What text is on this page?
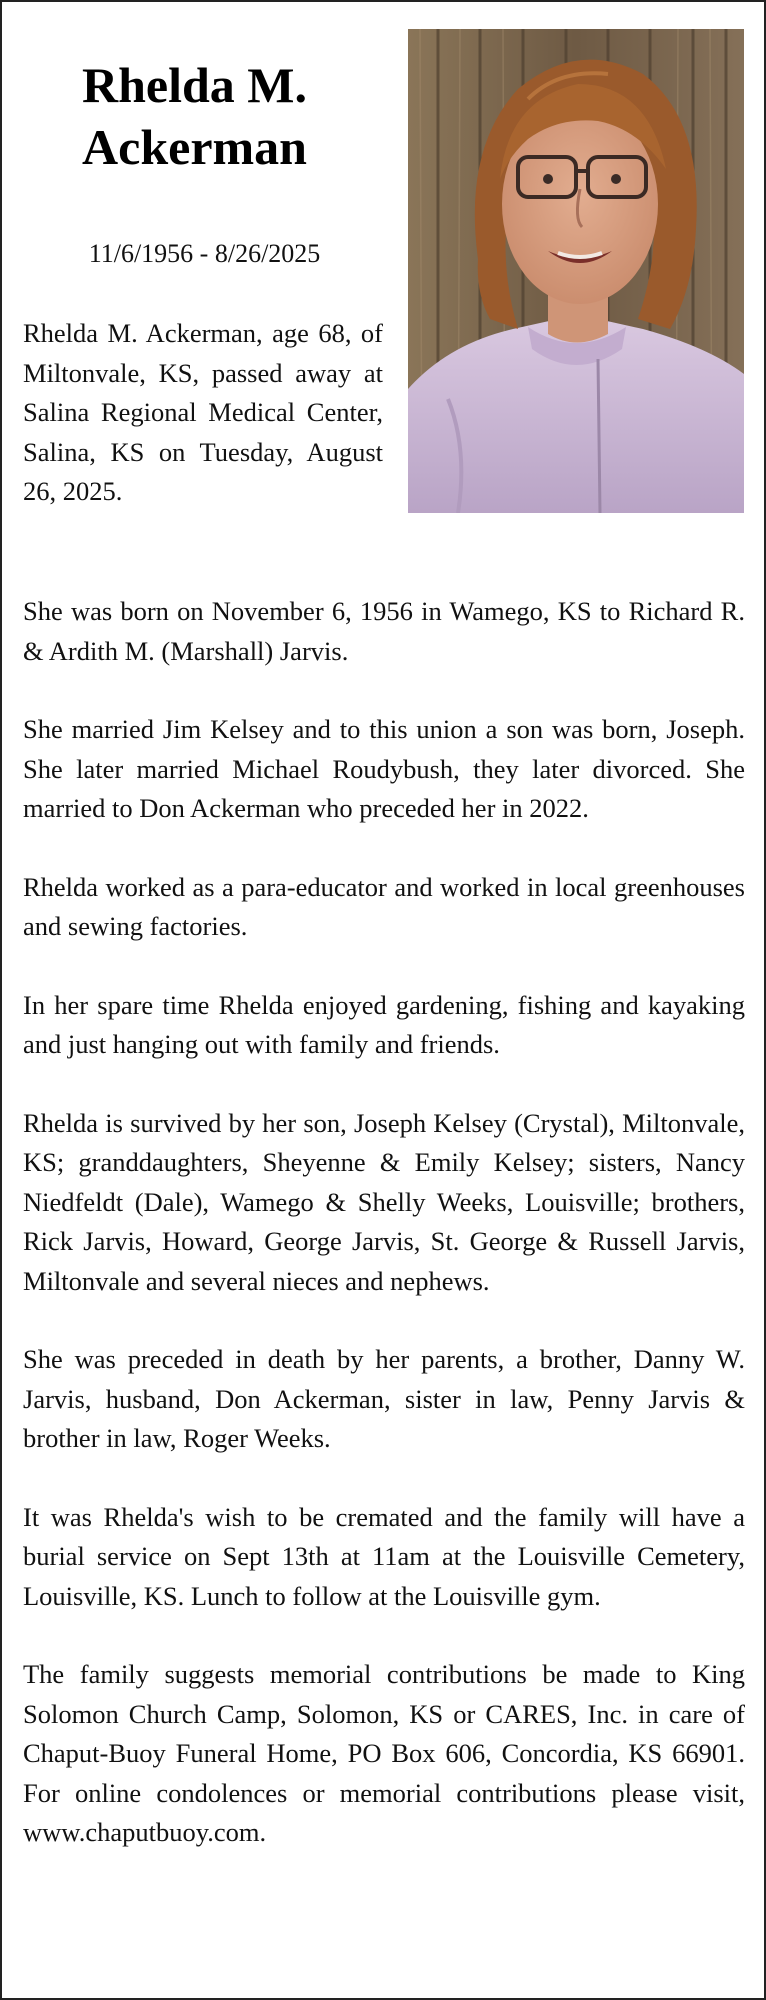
Rhelda M. Ackerman
11/6/1956 - 8/26/2025

Rhelda M. Ackerman, age 68, of Miltonvale, KS, passed away at Salina Regional Medical Center, Salina, KS on Tuesday, August 26, 2025.

She was born on November 6, 1956 in Wamego, KS to Richard R. & Ardith M. (Marshall) Jarvis.

She married Jim Kelsey and to this union a son was born, Joseph. She later married Michael Roudybush, they later divorced. She married to Don Ackerman who preceded her in 2022.

Rhelda worked as a para-educator and worked in local greenhouses and sewing factories.

In her spare time Rhelda enjoyed gardening, fishing and kayaking and just hanging out with family and friends.

Rhelda is survived by her son, Joseph Kelsey (Crystal), Miltonvale, KS; granddaughters, Sheyenne & Emily Kelsey; sisters, Nancy Niedfeldt (Dale), Wamego & Shelly Weeks, Louisville; brothers, Rick Jarvis, Howard, George Jarvis, St. George & Russell Jarvis, Miltonvale and several nieces and nephews.

She was preceded in death by her parents, a brother, Danny W. Jarvis, husband, Don Ackerman, sister in law, Penny Jarvis & brother in law, Roger Weeks.

It was Rhelda's wish to be cremated and the family will have a burial service on Sept 13th at 11am at the Louisville Cemetery, Louisville, KS. Lunch to follow at the Louisville gym.

The family suggests memorial contributions be made to King Solomon Church Camp, Solomon, KS or CARES, Inc. in care of Chaput-Buoy Funeral Home, PO Box 606, Concordia, KS 66901. For online condolences or memorial contributions please visit, www.chaputbuoy.com.
